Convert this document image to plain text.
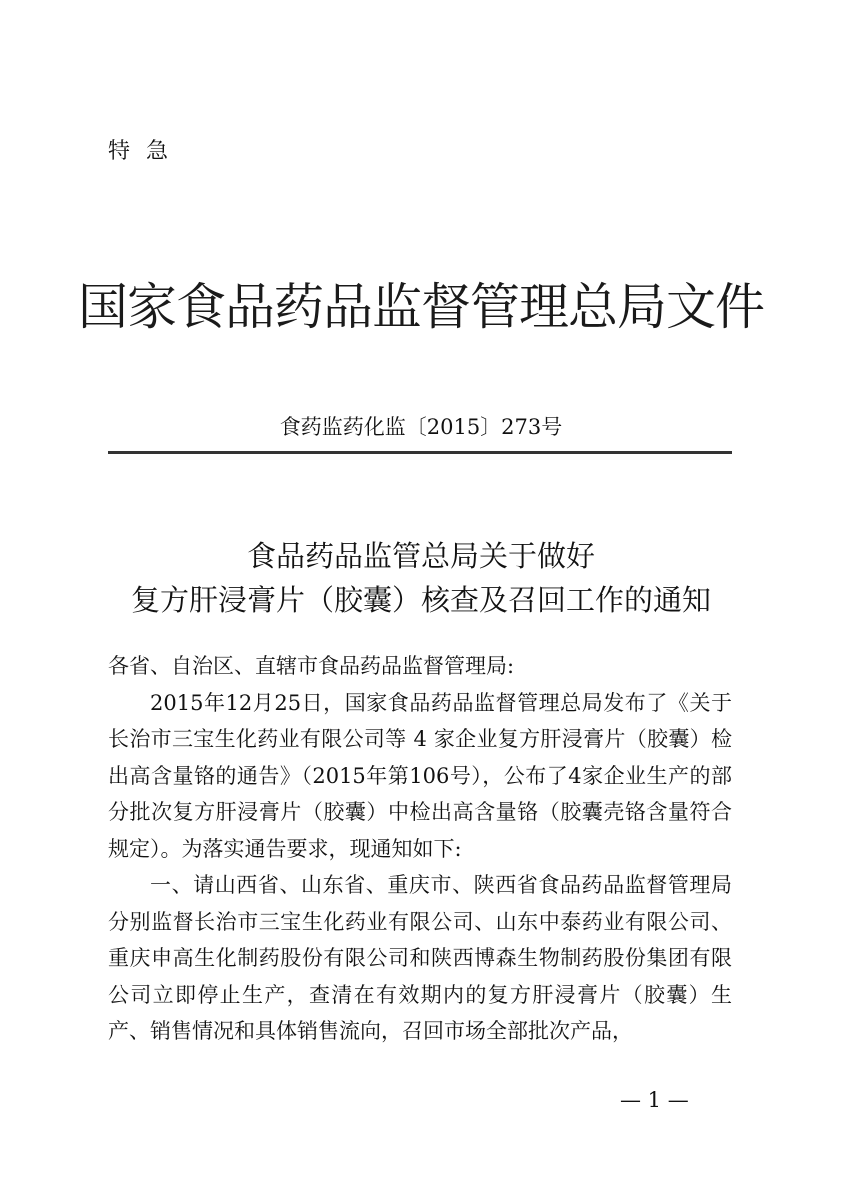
特急
国家食品药品监督管理总局文件
食药监药化监〔2015〕273号
食品药品监管总局关于做好
复方肝浸膏片（胶囊）核查及召回工作的通知

各省、自治区、直辖市食品药品监督管理局:

2015年12月25日，国家食品药品监督管理总局发布了《关于长治市三宝生化药业有限公司等 4 家企业复方肝浸膏片（胶囊）检出高含量铬的通告》（2015年第106号），公布了4家企业生产的部分批次复方肝浸膏片（胶囊）中检出高含量铬（胶囊壳铬含量符合规定）。为落实通告要求，现通知如下:

一、请山西省、山东省、重庆市、陕西省食品药品监督管理局分别监督长治市三宝生化药业有限公司、山东中泰药业有限公司、重庆申高生化制药股份有限公司和陕西博森生物制药股份集团有限公司立即停止生产，查清在有效期内的复方肝浸膏片（胶囊）生产、销售情况和具体销售流向，召回市场全部批次产品，

— 1 —
